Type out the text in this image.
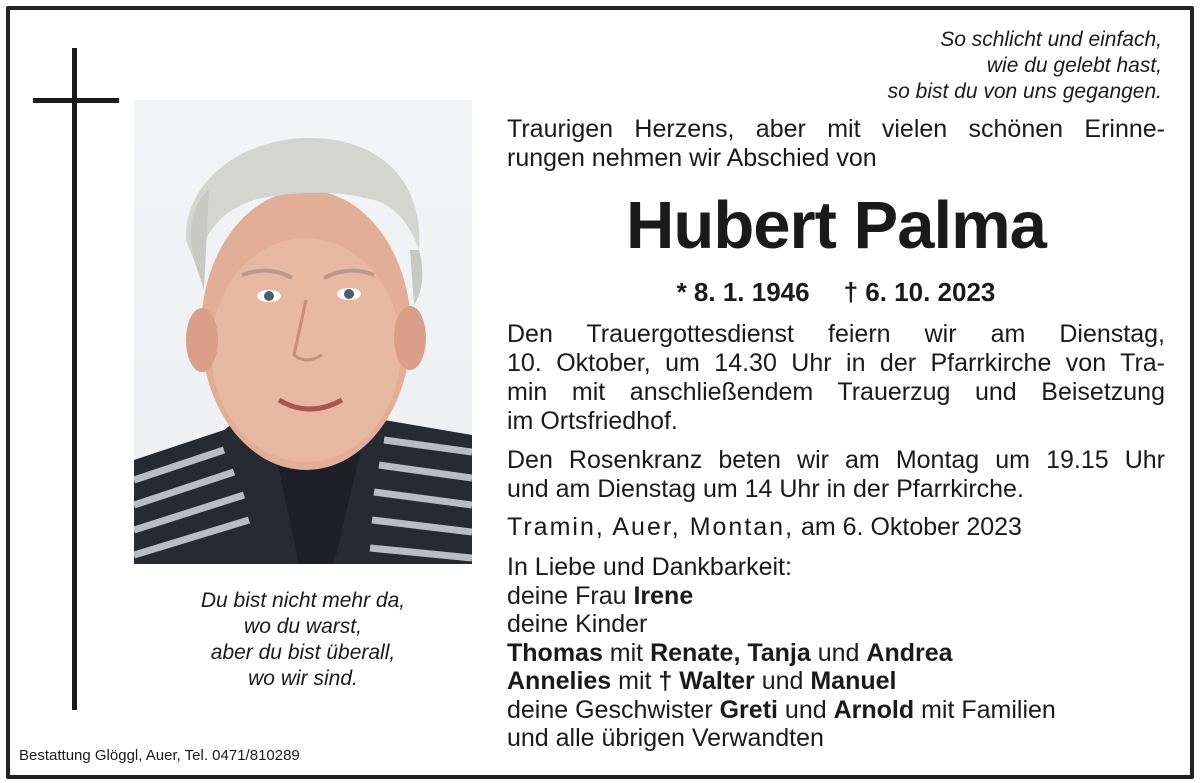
So schlicht und einfach,
wie du gelebt hast,
so bist du von uns gegangen.
Traurigen Herzens, aber mit vielen schönen Erinne-
rungen nehmen wir Abschied von
Hubert Palma
* 8. 1. 1946 † 6. 10. 2023
Den Trauergottesdienst feiern wir am Dienstag,
10. Oktober, um 14.30 Uhr in der Pfarrkirche von Tra-
min mit anschließendem Trauerzug und Beisetzung
im Ortsfriedhof.
Den Rosenkranz beten wir am Montag um 19.15 Uhr
und am Dienstag um 14 Uhr in der Pfarrkirche.
Tramin, Auer, Montan, am 6. Oktober 2023
In Liebe und Dankbarkeit:
deine Frau Irene
deine Kinder
Thomas mit Renate, Tanja und Andrea
Annelies mit † Walter und Manuel
deine Geschwister Greti und Arnold mit Familien
und alle übrigen Verwandten
Du bist nicht mehr da,
wo du warst,
aber du bist überall,
wo wir sind.
Bestattung Glöggl, Auer, Tel. 0471/810289
